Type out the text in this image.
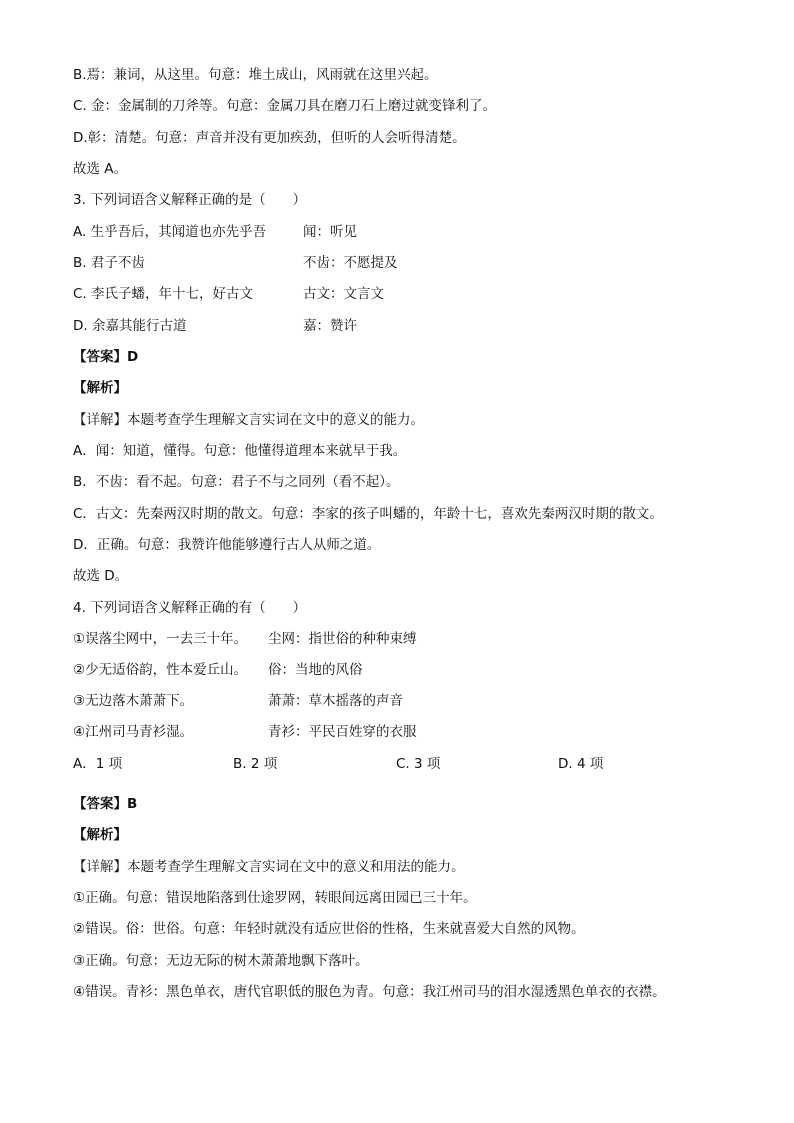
B.焉：兼词，从这里。句意：堆土成山，风雨就在这里兴起。
C. 金：金属制的刀斧等。句意：金属刀具在磨刀石上磨过就变锋利了。
D.彰：清楚。句意：声音并没有更加疾劲，但听的人会听得清楚。
故选 A。
3. 下列词语含义解释正确的是（　　）
A. 生乎吾后，其闻道也亦先乎吾	闻：听见
B. 君子不齿	不齿：不愿提及
C. 李氏子蟠，年十七，好古文	古文：文言文
D. 余嘉其能行古道	嘉：赞许
【答案】D
【解析】
【详解】本题考查学生理解文言实词在文中的意义的能力。
A．闻：知道，懂得。句意：他懂得道理本来就早于我。
B．不齿：看不起。句意：君子不与之同列（看不起）。
C．古文：先秦两汉时期的散文。句意：李家的孩子叫蟠的，年龄十七，喜欢先秦两汉时期的散文。
D．正确。句意：我赞许他能够遵行古人从师之道。
故选 D。
4. 下列词语含义解释正确的有（　　）
①误落尘网中，一去三十年。 尘网：指世俗的种种束缚
②少无适俗韵，性本爱丘山。 俗：当地的风俗
③无边落木萧萧下。	萧萧：草木摇落的声音
④江州司马青衫湿。	青衫：平民百姓穿的衣服
A．1 项	B. 2 项	C. 3 项	D. 4 项
【答案】B
【解析】
【详解】本题考查学生理解文言实词在文中的意义和用法的能力。
①正确。句意：错误地陷落到仕途罗网，转眼间远离田园已三十年。
②错误。俗：世俗。句意：年轻时就没有适应世俗的性格，生来就喜爱大自然的风物。
③正确。句意：无边无际的树木萧萧地飘下落叶。
④错误。青衫：黑色单衣，唐代官职低的服色为青。句意：我江州司马的泪水湿透黑色单衣的衣襟。
